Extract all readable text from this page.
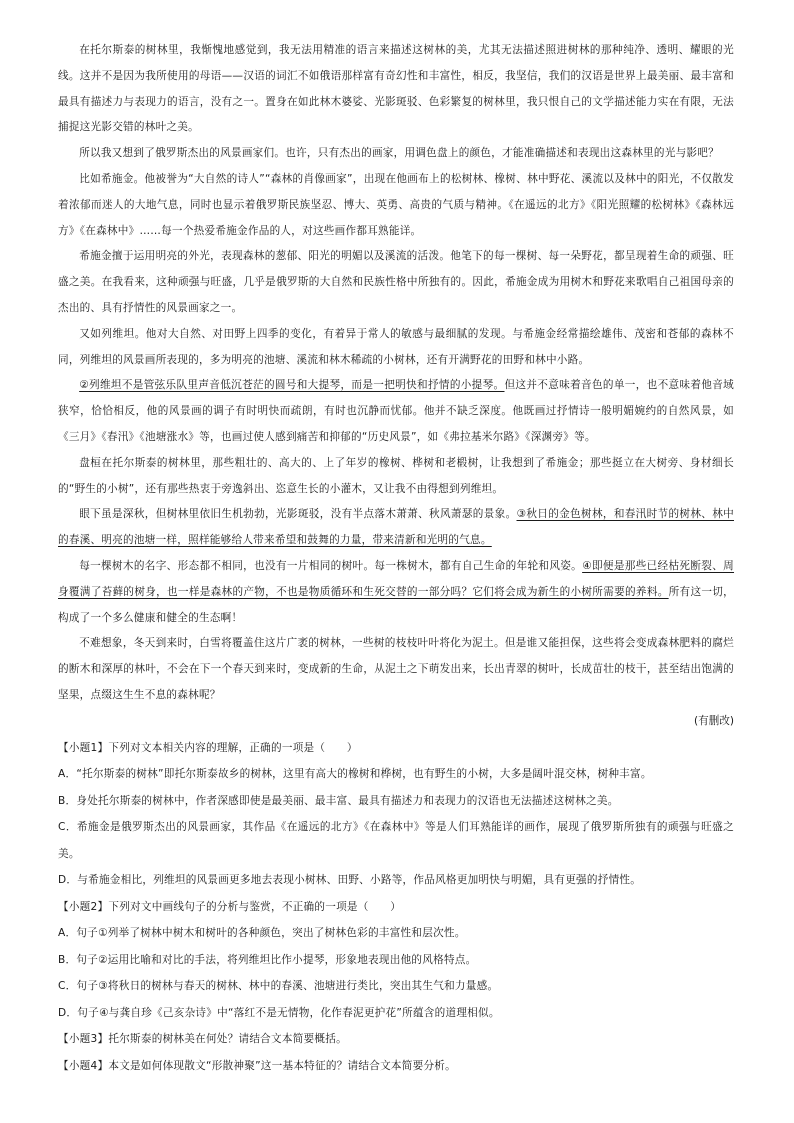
在托尔斯泰的树林里，我惭愧地感觉到，我无法用精准的语言来描述这树林的美，尤其无法描述照进树林的那种纯净、透明、耀眼的光线。这并不是因为我所使用的母语——汉语的词汇不如俄语那样富有奇幻性和丰富性，相反，我坚信，我们的汉语是世界上最美丽、最丰富和最具有描述力与表现力的语言，没有之一。置身在如此林木婆娑、光影斑驳、色彩繁复的树林里，我只恨自己的文学描述能力实在有限，无法捕捉这光影交错的林叶之美。

所以我又想到了俄罗斯杰出的风景画家们。也许，只有杰出的画家，用调色盘上的颜色，才能准确描述和表现出这森林里的光与影吧？

比如希施金。他被誉为“大自然的诗人”“森林的肖像画家”，出现在他画布上的松树林、橡树、林中野花、溪流以及林中的阳光，不仅散发着浓郁而迷人的大地气息，同时也显示着俄罗斯民族坚忍、博大、英勇、高贵的气质与精神。《在遥远的北方》《阳光照耀的松树林》《森林远方》《在森林中》……每一个热爱希施金作品的人，对这些画作都耳熟能详。

希施金擅于运用明亮的外光，表现森林的葱郁、阳光的明媚以及溪流的活泼。他笔下的每一棵树、每一朵野花，都呈现着生命的顽强、旺盛之美。在我看来，这种顽强与旺盛，几乎是俄罗斯的大自然和民族性格中所独有的。因此，希施金成为用树木和野花来歌唱自己祖国母亲的杰出的、具有抒情性的风景画家之一。

又如列维坦。他对大自然、对田野上四季的变化，有着异于常人的敏感与最细腻的发现。与希施金经常描绘雄伟、茂密和苍郁的森林不同，列维坦的风景画所表现的，多为明亮的池塘、溪流和林木稀疏的小树林，还有开满野花的田野和林中小路。

②列维坦不是管弦乐队里声音低沉苍茫的圆号和大提琴，而是一把明快和抒情的小提琴。但这并不意味着音色的单一，也不意味着他音域狭窄，恰恰相反，他的风景画的调子有时明快而疏朗，有时也沉静而忧郁。他并不缺乏深度。他既画过抒情诗一般明媚婉约的自然风景，如《三月》《春汛》《池塘涨水》等，也画过使人感到痛苦和抑郁的“历史风景”，如《弗拉基米尔路》《深渊旁》等。

盘桓在托尔斯泰的树林里，那些粗壮的、高大的、上了年岁的橡树、桦树和老椴树，让我想到了希施金；那些挺立在大树旁、身材细长的“野生的小树”，还有那些热衷于旁逸斜出、恣意生长的小灌木，又让我不由得想到列维坦。

眼下虽是深秋，但树林里依旧生机勃勃，光影斑驳，没有半点落木萧萧、秋风萧瑟的景象。③秋日的金色树林，和春汛时节的树林、林中的春溪、明亮的池塘一样，照样能够给人带来希望和鼓舞的力量，带来清新和光明的气息。

每一棵树木的名字、形态都不相同，也没有一片相同的树叶。每一株树木，都有自己生命的年轮和风姿。④即便是那些已经枯死断裂、周身覆满了苔藓的树身，也一样是森林的产物，不也是物质循环和生死交替的一部分吗？它们将会成为新生的小树所需要的养料。所有这一切，构成了一个多么健康和健全的生态啊！

不难想象，冬天到来时，白雪将覆盖住这片广袤的树林，一些树的枝枝叶叶将化为泥土。但是谁又能担保，这些将会变成森林肥料的腐烂的断木和深厚的林叶，不会在下一个春天到来时，变成新的生命，从泥土之下萌发出来，长出青翠的树叶，长成苗壮的枝干，甚至结出饱满的坚果，点缀这生生不息的森林呢？

(有删改)

【小题1】下列对文本相关内容的理解，正确的一项是（　　）

A．“托尔斯泰的树林”即托尔斯泰故乡的树林，这里有高大的橡树和桦树，也有野生的小树，大多是阔叶混交林，树种丰富。

B．身处托尔斯泰的树林中，作者深感即使是最美丽、最丰富、最具有描述力和表现力的汉语也无法描述这树林之美。

C．希施金是俄罗斯杰出的风景画家，其作品《在遥远的北方》《在森林中》等是人们耳熟能详的画作，展现了俄罗斯所独有的顽强与旺盛之美。

D．与希施金相比，列维坦的风景画更多地去表现小树林、田野、小路等，作品风格更加明快与明媚，具有更强的抒情性。

【小题2】下列对文中画线句子的分析与鉴赏，不正确的一项是（　　）

A．句子①列举了树林中树木和树叶的各种颜色，突出了树林色彩的丰富性和层次性。

B．句子②运用比喻和对比的手法，将列维坦比作小提琴，形象地表现出他的风格特点。

C．句子③将秋日的树林与春天的树林、林中的春溪、池塘进行类比，突出其生气和力量感。

D．句子④与龚自珍《己亥杂诗》中“落红不是无情物，化作春泥更护花”所蕴含的道理相似。

【小题3】托尔斯泰的树林美在何处？请结合文本简要概括。

【小题4】本文是如何体现散文“形散神聚”这一基本特征的？请结合文本简要分析。
